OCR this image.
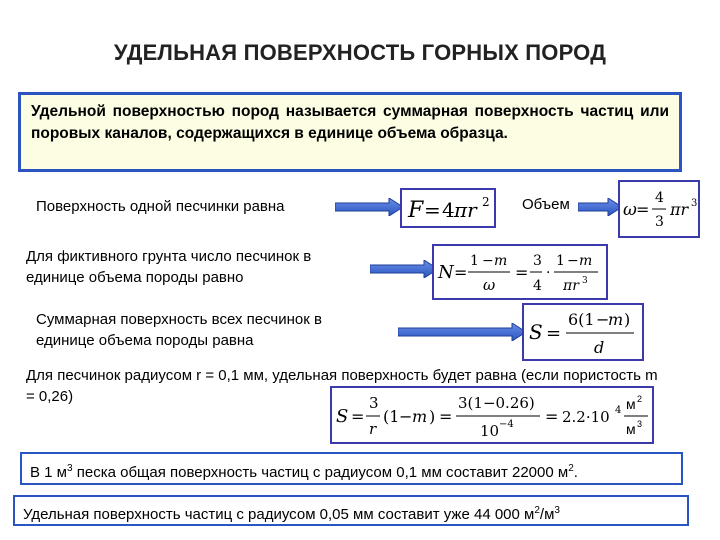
УДЕЛЬНАЯ ПОВЕРХНОСТЬ ГОРНЫХ ПОРОД
Удельной поверхностью пород называется суммарная поверхность частиц или поровых каналов, содержащихся в единице объема образца.
Поверхность одной песчинки равна	F = 4 πr 2 Объем	ω =
4
3
πr 3
Для фиктивного грунта число песчинок в
единице объема породы равно	N =
1 − m
ω
=
3
4
·
1 − m
πr 3
Суммарная поверхность всех песчинок в
единице объема породы равна	S =
6(1 −
m )
d
Для песчинок радиусом r = 0,1 мм, удельная поверхность будет равна (если пористость m = 0,26)
S =
3
r
(1 − m ) =
3(1−0.26)
10 −4 = 2.2·10 4 м 2
м 3
В 1 $м^3$ песка общая поверхность частиц с радиусом 0,1 мм составит 22000 $м^2$.
Удельная поверхность частиц с радиусом 0,05 мм составит уже 44 000 $м^2/м^3$
